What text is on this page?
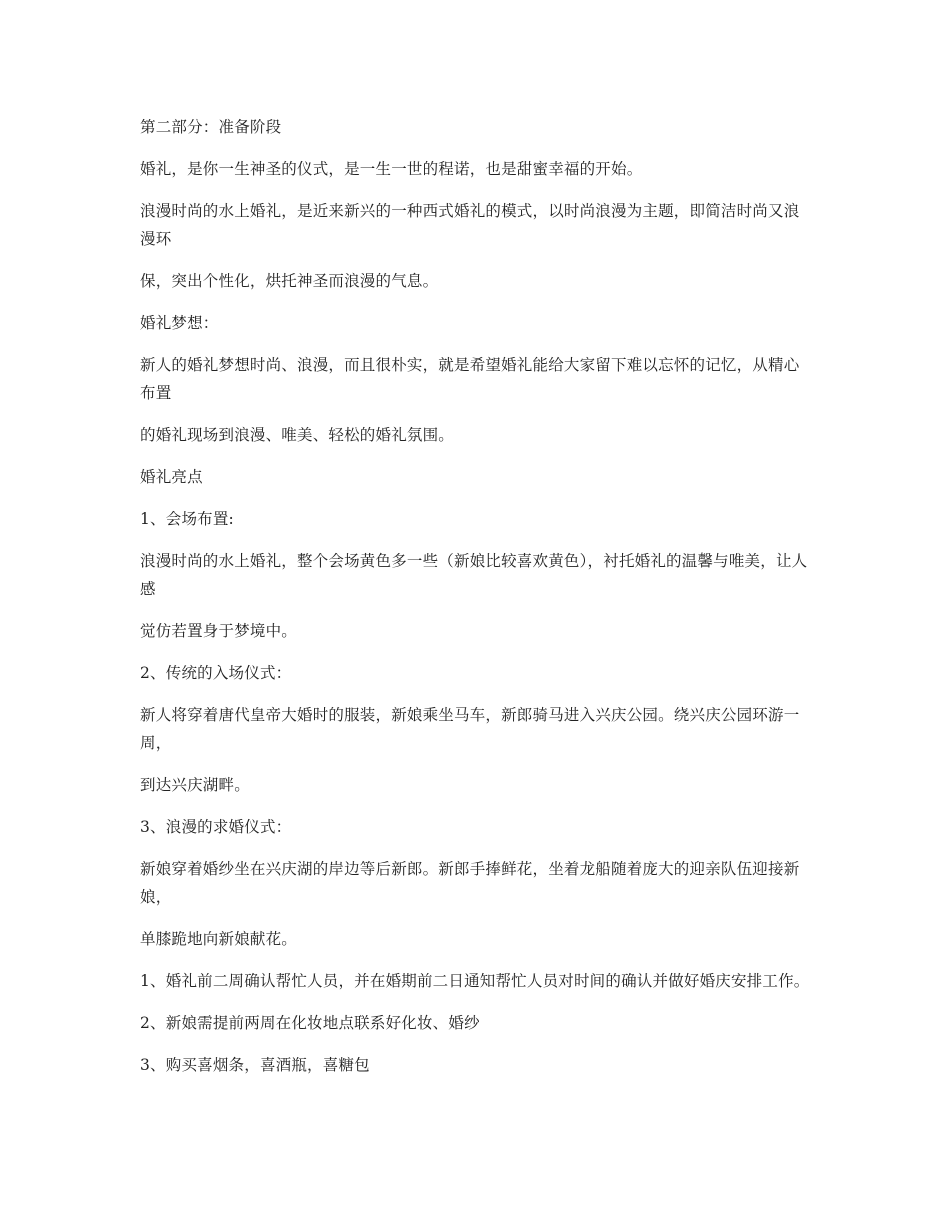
第二部分：准备阶段

婚礼，是你一生神圣的仪式，是一生一世的程诺，也是甜蜜幸福的开始。

浪漫时尚的水上婚礼，是近来新兴的一种西式婚礼的模式，以时尚浪漫为主题，即简洁时尚又浪漫环

保，突出个性化，烘托神圣而浪漫的气息。

婚礼梦想：

新人的婚礼梦想时尚、浪漫，而且很朴实，就是希望婚礼能给大家留下难以忘怀的记忆，从精心布置

的婚礼现场到浪漫、唯美、轻松的婚礼氛围。

婚礼亮点

1、会场布置:

浪漫时尚的水上婚礼，整个会场黄色多一些（新娘比较喜欢黄色），衬托婚礼的温馨与唯美，让人感

觉仿若置身于梦境中。

2、传统的入场仪式：

新人将穿着唐代皇帝大婚时的服装，新娘乘坐马车，新郎骑马进入兴庆公园。绕兴庆公园环游一周，

到达兴庆湖畔。

3、浪漫的求婚仪式：

新娘穿着婚纱坐在兴庆湖的岸边等后新郎。新郎手捧鲜花，坐着龙船随着庞大的迎亲队伍迎接新娘，

单膝跪地向新娘献花。

1、婚礼前二周确认帮忙人员，并在婚期前二日通知帮忙人员对时间的确认并做好婚庆安排工作。

2、新娘需提前两周在化妆地点联系好化妆、婚纱

3、购买喜烟条，喜酒瓶，喜糖包
